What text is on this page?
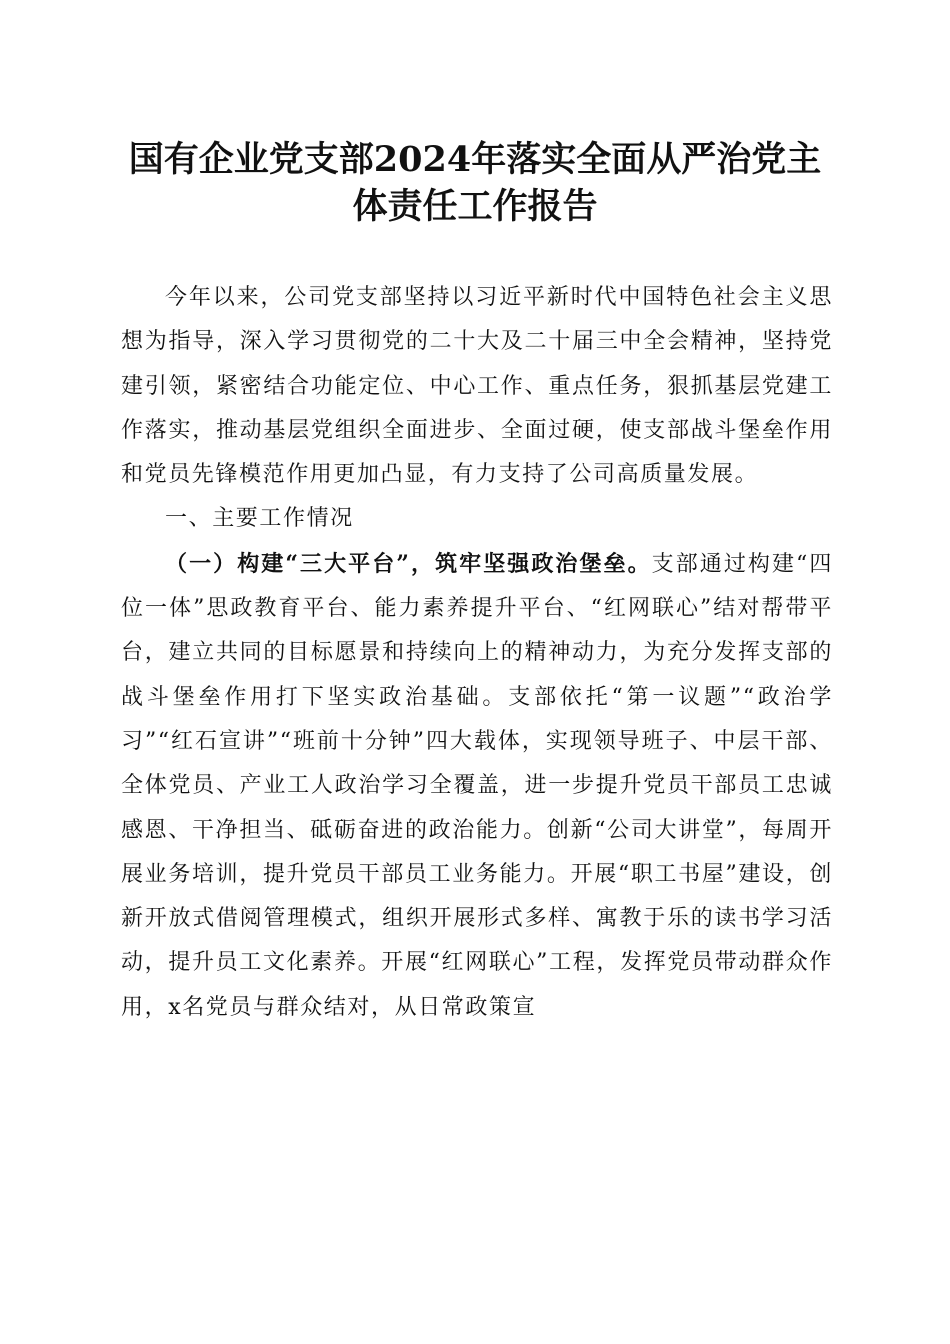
国有企业党支部2024年落实全面从严治党主
体责任工作报告

今年以来，公司党支部坚持以习近平新时代中国特色社会主义思想为指导，深入学习贯彻党的二十大及二十届三中全会精神，坚持党建引领，紧密结合功能定位、中心工作、重点任务，狠抓基层党建工作落实，推动基层党组织全面进步、全面过硬，使支部战斗堡垒作用和党员先锋模范作用更加凸显，有力支持了公司高质量发展。

一、主要工作情况

（一）构建“三大平台”，筑牢坚强政治堡垒。支部通过构建“四位一体”思政教育平台、能力素养提升平台、“红网联心”结对帮带平台，建立共同的目标愿景和持续向上的精神动力，为充分发挥支部的战斗堡垒作用打下坚实政治基础。支部依托“第一议题”“政治学习”“红石宣讲”“班前十分钟”四大载体，实现领导班子、中层干部、全体党员、产业工人政治学习全覆盖，进一步提升党员干部员工忠诚感恩、干净担当、砥砺奋进的政治能力。创新“公司大讲堂”，每周开展业务培训，提升党员干部员工业务能力。开展“职工书屋”建设，创新开放式借阅管理模式，组织开展形式多样、寓教于乐的读书学习活动，提升员工文化素养。开展“红网联心”工程，发挥党员带动群众作用，x名党员与群众结对，从日常政策宣
